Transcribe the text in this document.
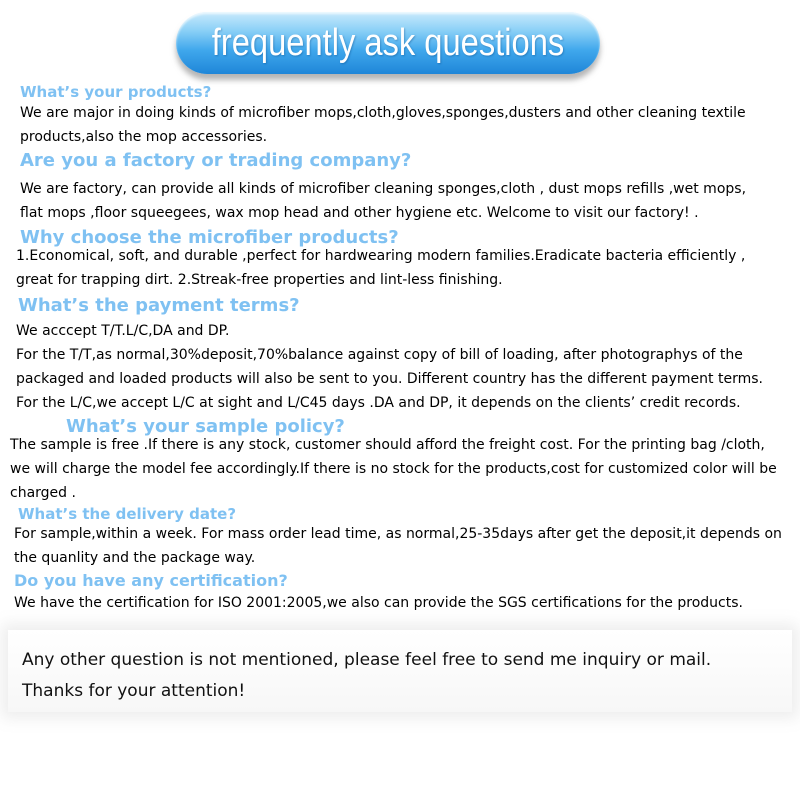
frequently ask questions
What’s your products?
We are major in doing kinds of microfiber mops,cloth,gloves,sponges,dusters and other cleaning textile
products,also the mop accessories.
Are you a factory or trading company?
We are factory, can provide all kinds of microfiber cleaning sponges,cloth , dust mops refills ,wet mops,
flat mops ,floor squeegees, wax mop head and other hygiene etc. Welcome to visit our factory! .
Why choose the microfiber products?
1.Economical, soft, and durable ,perfect for hardwearing modern families.Eradicate bacteria efficiently ,
great for trapping dirt. 2.Streak-free properties and lint-less finishing.
What’s the payment terms?
We acccept T/T.L/C,DA and DP.
For the T/T,as normal,30%deposit,70%balance against copy of bill of loading, after photographys of the
packaged and loaded products will also be sent to you. Different country has the different payment terms.
For the L/C,we accept L/C at sight and L/C45 days .DA and DP, it depends on the clients’ credit records.
What’s your sample policy?
The sample is free .If there is any stock, customer should afford the freight cost. For the printing bag /cloth,
we will charge the model fee accordingly.If there is no stock for the products,cost for customized color will be
charged .
What’s the delivery date?
For sample,within a week. For mass order lead time, as normal,25-35days after get the deposit,it depends on
the quanlity and the package way.
Do you have any certification?
We have the certification for ISO 2001:2005,we also can provide the SGS certifications for the products.
Any other question is not mentioned, please feel free to send me inquiry or mail.
Thanks for your attention!
